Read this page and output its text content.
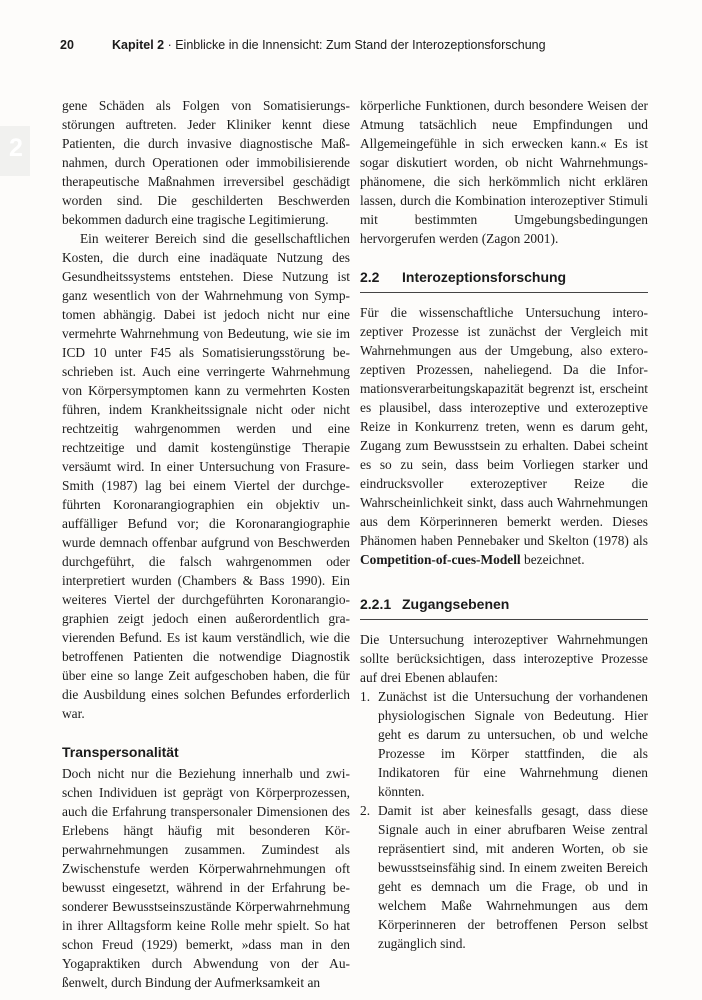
20	Kapitel 2 · Einblicke in die Innensicht: Zum Stand der Interozeptionsforschung
2

gene Schäden als Folgen von Somatisierungsstörungen auftreten. Jeder Kliniker kennt diese Patienten, die durch invasive diagnostische Maßnahmen, durch Operationen oder immobilisierende therapeutische Maßnahmen irreversibel geschädigt worden sind. Die geschilderten Beschwerden bekommen dadurch eine tragische Legitimierung.

Ein weiterer Bereich sind die gesellschaftlichen Kosten, die durch eine inadäquate Nutzung des Gesundheitssystems entstehen. Diese Nutzung ist ganz wesentlich von der Wahrnehmung von Symptomen abhängig. Dabei ist jedoch nicht nur eine vermehrte Wahrnehmung von Bedeutung, wie sie im ICD 10 unter F45 als Somatisierungsstörung beschrieben ist. Auch eine verringerte Wahrnehmung von Körpersymptomen kann zu vermehrten Kosten führen, indem Krankheitssignale nicht oder nicht rechtzeitig wahrgenommen werden und eine rechtzeitige und damit kostengünstige Therapie versäumt wird. In einer Untersuchung von Frasure-Smith (1987) lag bei einem Viertel der durchgeführten Koronarangiographien ein objektiv unauffälliger Befund vor; die Koronarangiographie wurde demnach offenbar aufgrund von Beschwerden durchgeführt, die falsch wahrgenommen oder interpretiert wurden (Chambers & Bass 1990). Ein weiteres Viertel der durchgeführten Koronarangiographien zeigt jedoch einen außerordentlich gravierenden Befund. Es ist kaum verständlich, wie die betroffenen Patienten die notwendige Diagnostik über eine so lange Zeit aufgeschoben haben, die für die Ausbildung eines solchen Befundes erforderlich war.

Transpersonalität

Doch nicht nur die Beziehung innerhalb und zwischen Individuen ist geprägt von Körperprozessen, auch die Erfahrung transpersonaler Dimensionen des Erlebens hängt häufig mit besonderen Körperwahrnehmungen zusammen. Zumindest als Zwischenstufe werden Körperwahrnehmungen oft bewusst eingesetzt, während in der Erfahrung besonderer Bewusstseinszustände Körperwahrnehmung in ihrer Alltagsform keine Rolle mehr spielt. So hat schon Freud (1929) bemerkt, »dass man in den Yogapraktiken durch Abwendung von der Außenwelt, durch Bindung der Aufmerksamkeit an

körperliche Funktionen, durch besondere Weisen der Atmung tatsächlich neue Empfindungen und Allgemeingefühle in sich erwecken kann.« Es ist sogar diskutiert worden, ob nicht Wahrnehmungsphänomene, die sich herkömmlich nicht erklären lassen, durch die Kombination interozeptiver Stimuli mit bestimmten Umgebungsbedingungen hervorgerufen werden (Zagon 2001).

2.2	Interozeptionsforschung

Für die wissenschaftliche Untersuchung interozeptiver Prozesse ist zunächst der Vergleich mit Wahrnehmungen aus der Umgebung, also exterozeptiven Prozessen, naheliegend. Da die Informationsverarbeitungskapazität begrenzt ist, erscheint es plausibel, dass interozeptive und exterozeptive Reize in Konkurrenz treten, wenn es darum geht, Zugang zum Bewusstsein zu erhalten. Dabei scheint es so zu sein, dass beim Vorliegen starker und eindrucksvoller exterozeptiver Reize die Wahrscheinlichkeit sinkt, dass auch Wahrnehmungen aus dem Körperinneren bemerkt werden. Dieses Phänomen haben Pennebaker und Skelton (1978) als Competition-of-cues-Modell bezeichnet.

2.2.1 Zugangsebenen

Die Untersuchung interozeptiver Wahrnehmungen sollte berücksichtigen, dass interozeptive Prozesse auf drei Ebenen ablaufen:

1. Zunächst ist die Untersuchung der vorhandenen physiologischen Signale von Bedeutung. Hier geht es darum zu untersuchen, ob und welche Prozesse im Körper stattfinden, die als Indikatoren für eine Wahrnehmung dienen könnten.
2. Damit ist aber keinesfalls gesagt, dass diese Signale auch in einer abrufbaren Weise zentral repräsentiert sind, mit anderen Worten, ob sie bewusstseinsfähig sind. In einem zweiten Bereich geht es demnach um die Frage, ob und in welchem Maße Wahrnehmungen aus dem Körperinneren der betroffenen Person selbst zugänglich sind.
